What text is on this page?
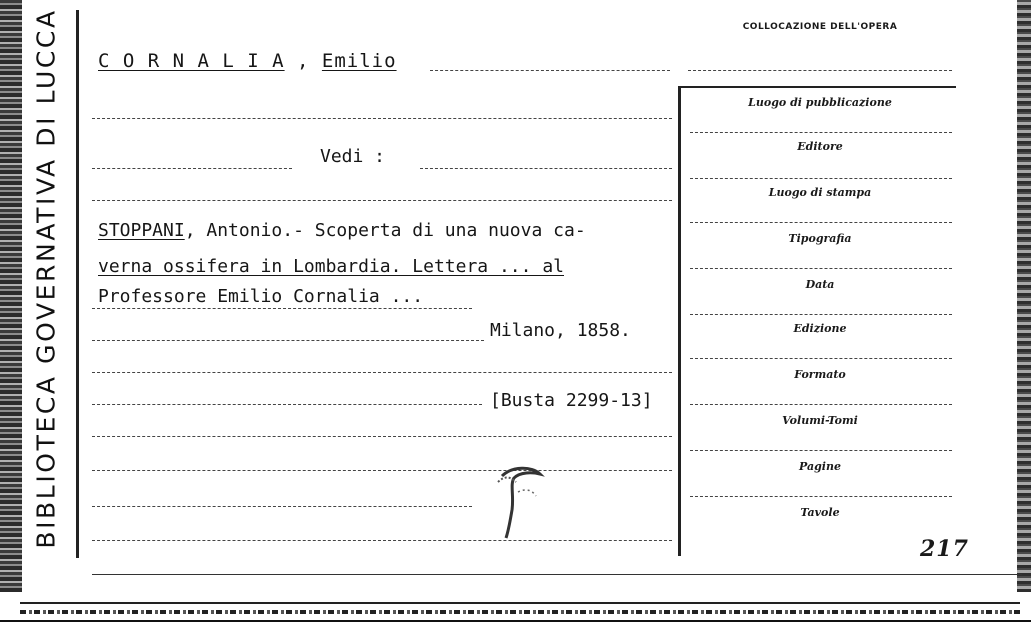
BIBLIOTECA GOVERNATIVA DI LUCCA C O R N A L I A , Emilio
Vedi :
STOPPANI, Antonio.- Scoperta di una nuova ca-
verna ossifera in Lombardia. Lettera ... al
Professore Emilio Cornalia ...
Milano, 1858.
[Busta 2299-13]
COLLOCAZIONE DELL'OPERA
Luogo di pubblicazione
Editore
Luogo di stampa
Tipografia
Data
Edizione
Formato
Volumi-Tomi
Pagine
Tavole
217
